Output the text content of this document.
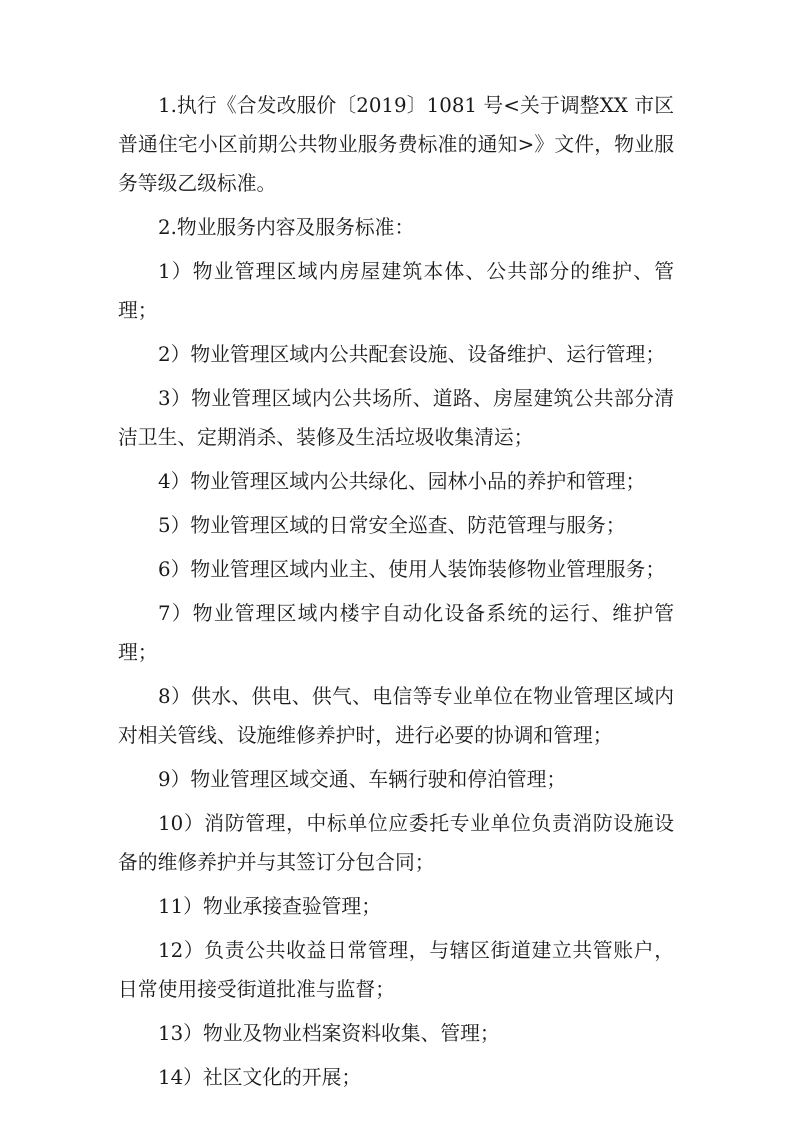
1.执行《合发改服价〔2019〕1081 号<关于调整XX 市区普通住宅小区前期公共物业服务费标准的通知>》文件，物业服务等级乙级标准。

2.物业服务内容及服务标准：

1）物业管理区域内房屋建筑本体、公共部分的维护、管理；

2）物业管理区域内公共配套设施、设备维护、运行管理；

3）物业管理区域内公共场所、道路、房屋建筑公共部分清洁卫生、定期消杀、装修及生活垃圾收集清运；

4）物业管理区域内公共绿化、园林小品的养护和管理；

5）物业管理区域的日常安全巡查、防范管理与服务；

6）物业管理区域内业主、使用人装饰装修物业管理服务；

7）物业管理区域内楼宇自动化设备系统的运行、维护管理；

8）供水、供电、供气、电信等专业单位在物业管理区域内对相关管线、设施维修养护时，进行必要的协调和管理；

9）物业管理区域交通、车辆行驶和停泊管理；

10）消防管理，中标单位应委托专业单位负责消防设施设备的维修养护并与其签订分包合同；

11）物业承接查验管理；

12）负责公共收益日常管理，与辖区街道建立共管账户，日常使用接受街道批准与监督；

13）物业及物业档案资料收集、管理；

14）社区文化的开展；
